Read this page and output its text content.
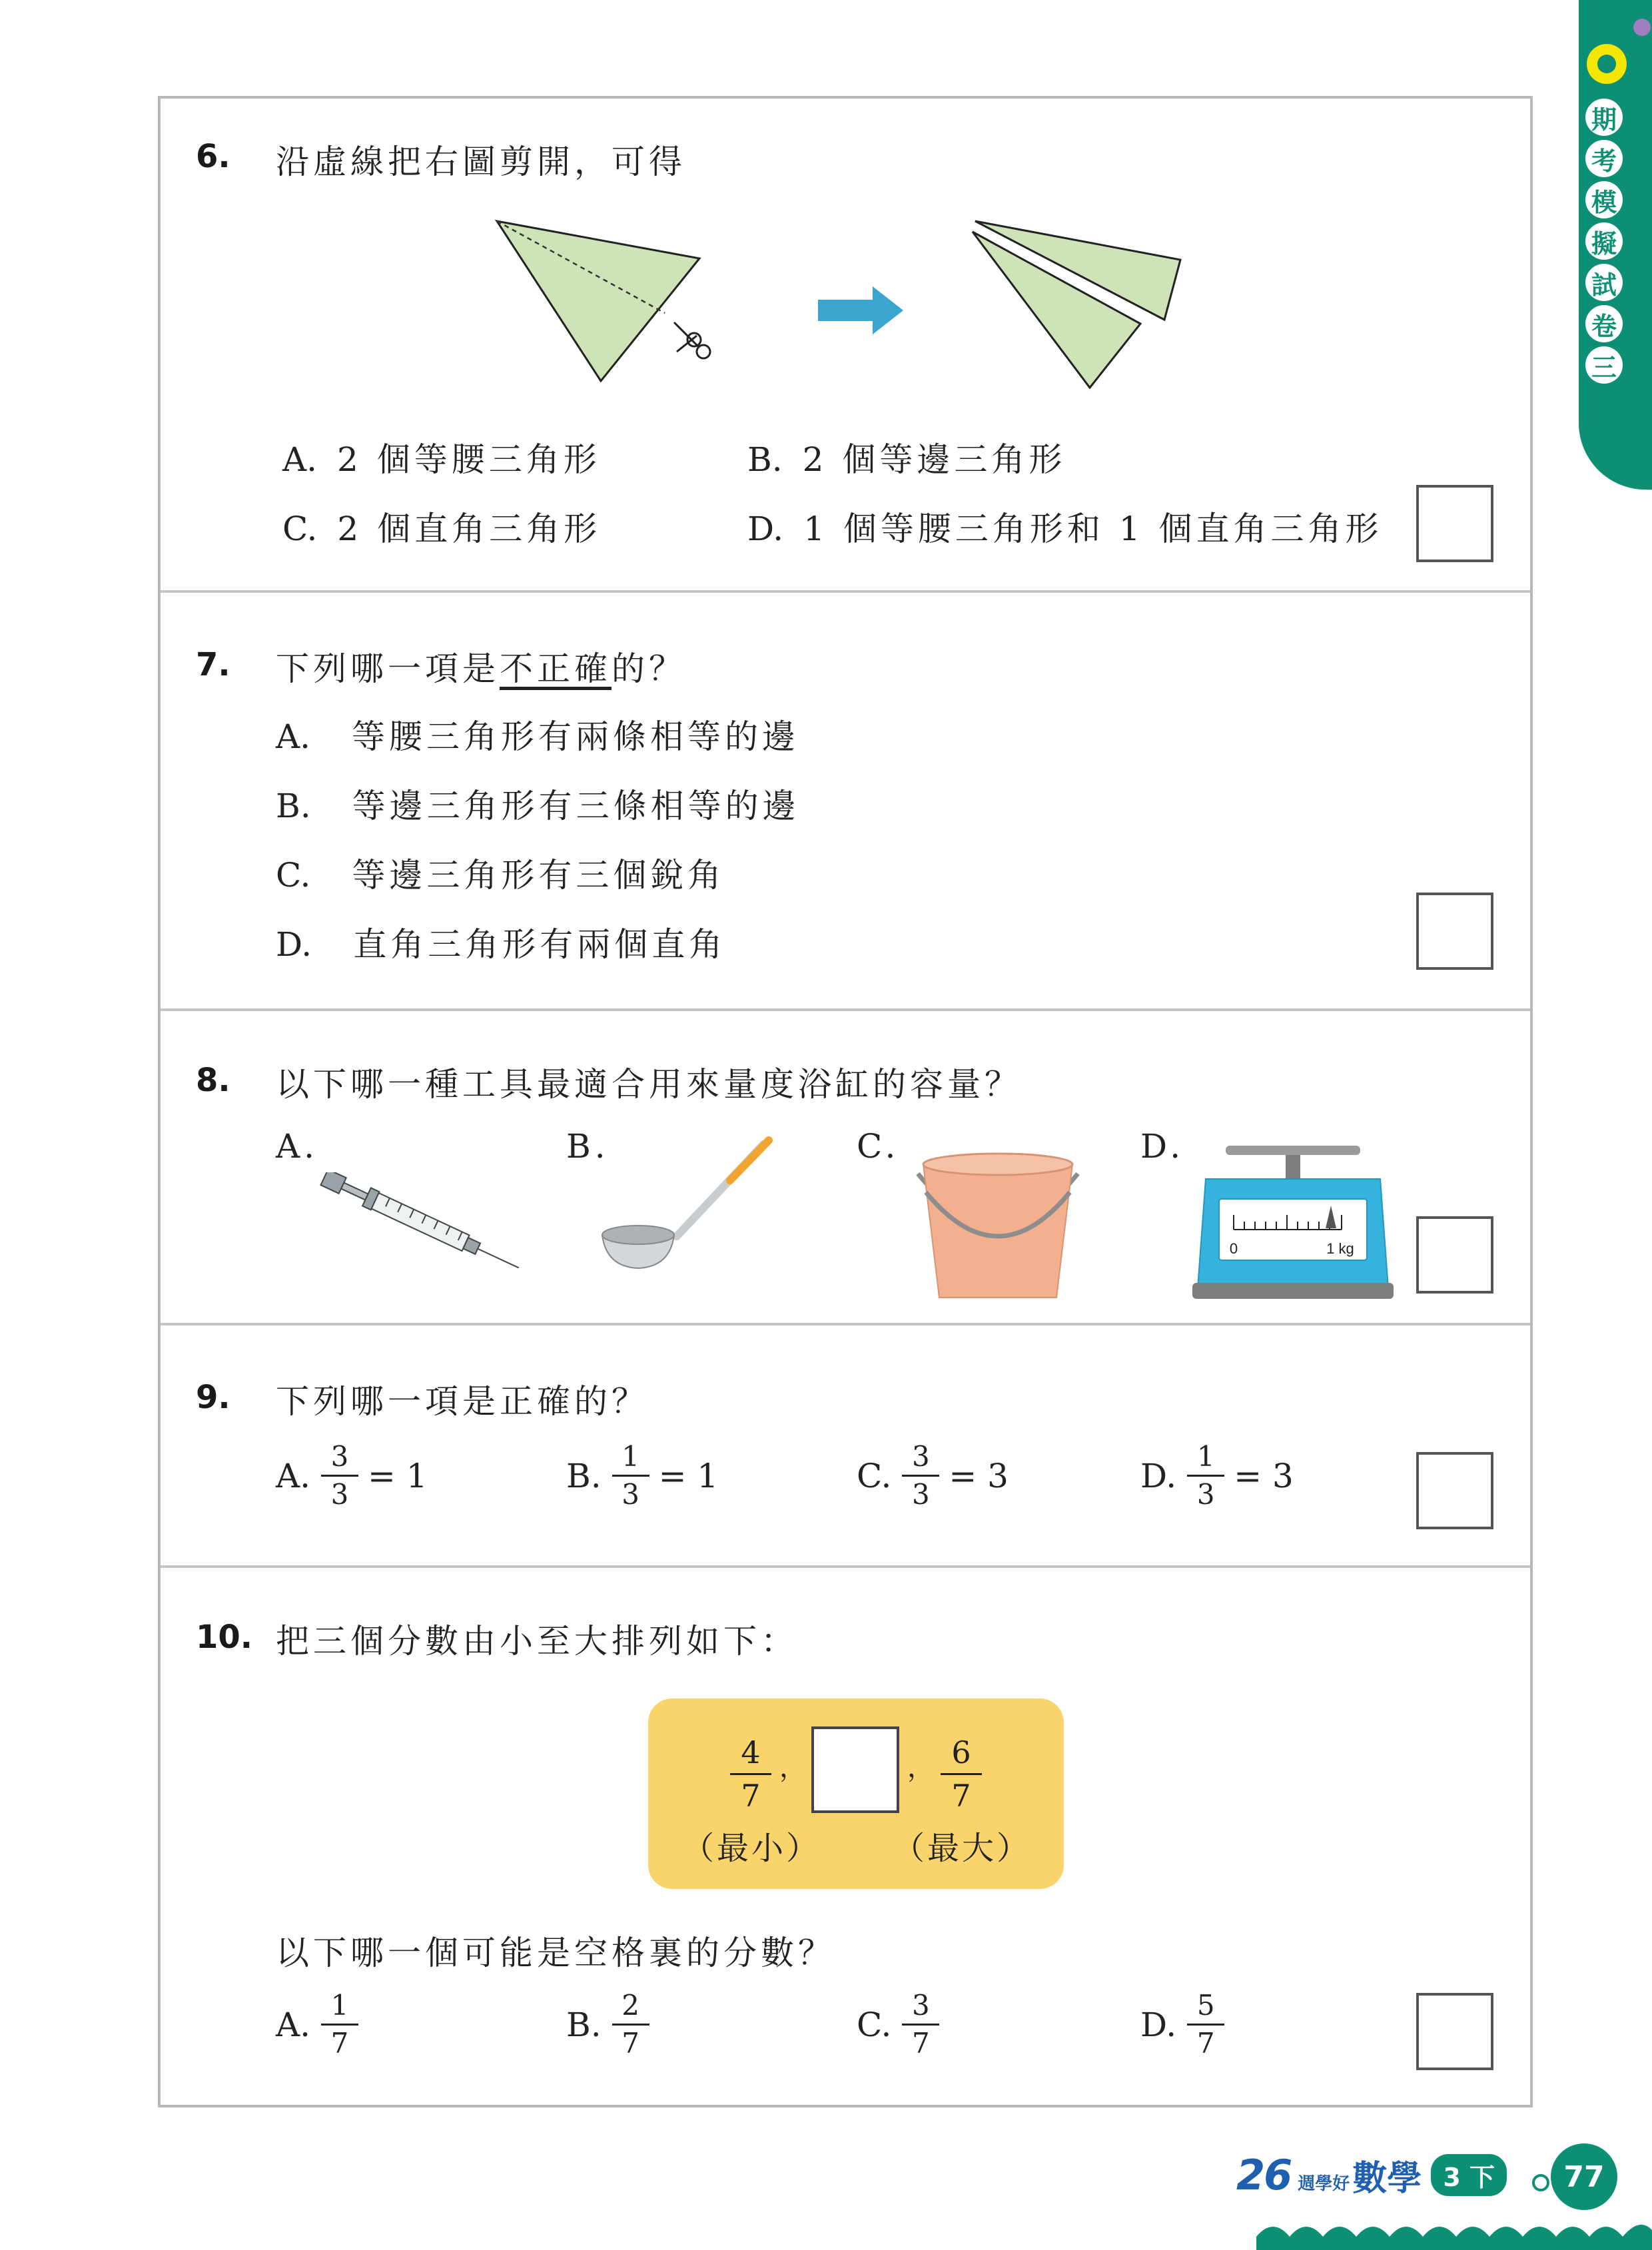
期
考
模
擬
試
卷
三
6. 沿虛線把右圖剪開，可得
A. 2 個等腰三角形	B. 2 個等邊三角形
C. 2 個直角三角形	D. 1 個等腰三角形和 1 個直角三角形
7. 下列哪一項是不正確的？
A. 等腰三角形有兩條相等的邊
B. 等邊三角形有三條相等的邊
C. 等邊三角形有三個銳角
D. 直角三角形有兩個直角
8. 以下哪一種工具最適合用來量度浴缸的容量？
A.	B.	C.	D.
0	1 kg
9. 下列哪一項是正確的？
A. $\frac{3}{3} = 1$	B. $\frac{1}{3} = 1$	C. $\frac{3}{3} = 3$	D. $\frac{1}{3} = 3$
10. 把三個分數由小至大排列如下：
4
7
，	， 6
7
（最小） （最大）
以下哪一個可能是空格裏的分數？
A. $\frac{1}{7}$	B. $\frac{2}{7}$	C. $\frac{3}{7}$	D. $\frac{5}{7}$
26 週學好 數學 3 下	77
